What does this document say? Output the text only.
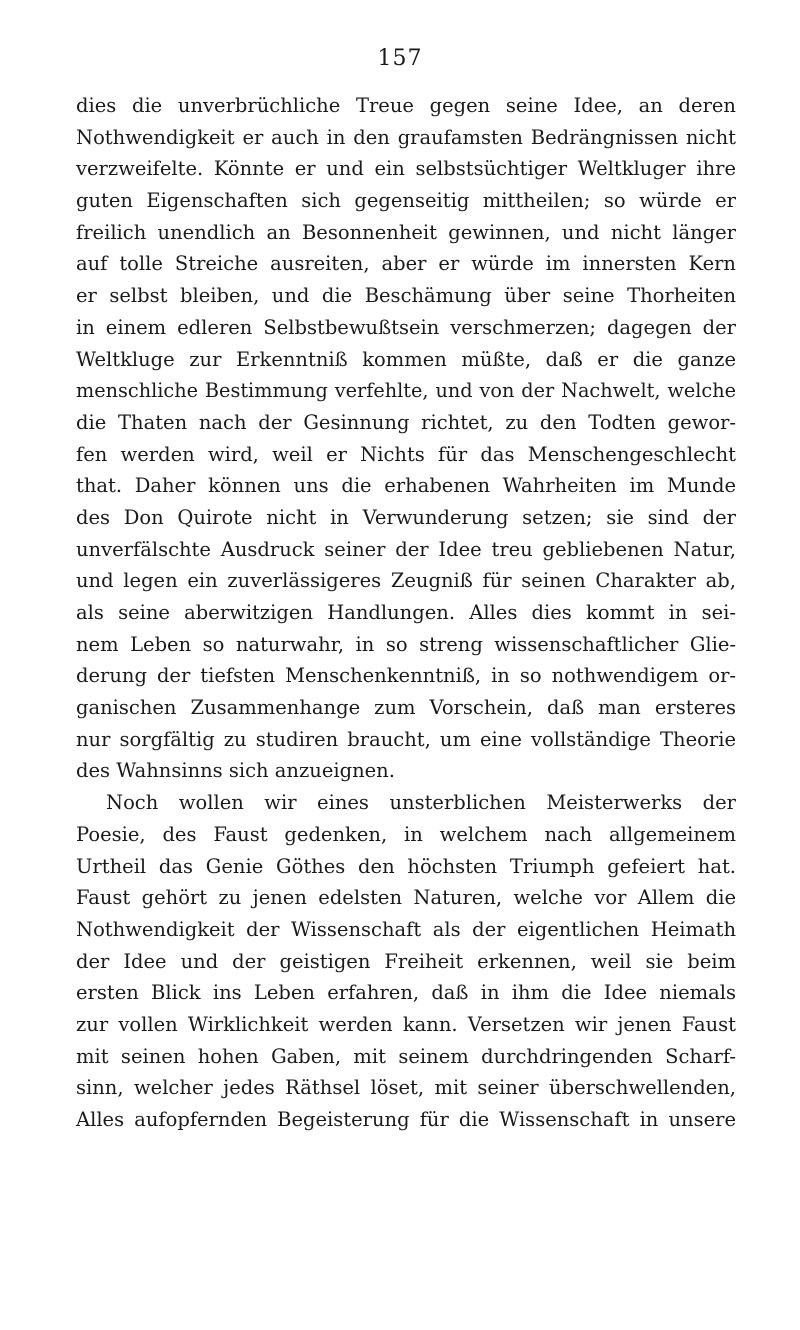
157
dies die unverbrüchliche Treue gegen seine Idee, an deren
Nothwendigkeit er auch in den graufamsten Bedrängnissen nicht
verzweifelte. Könnte er und ein selbstsüchtiger Weltkluger ihre
guten Eigenschaften sich gegenseitig mittheilen; so würde er
freilich unendlich an Besonnenheit gewinnen, und nicht länger
auf tolle Streiche ausreiten, aber er würde im innersten Kern
er selbst bleiben, und die Beschämung über seine Thorheiten
in einem edleren Selbstbewußtsein verschmerzen; dagegen der
Weltkluge zur Erkenntniß kommen müßte, daß er die ganze
menschliche Bestimmung verfehlte, und von der Nachwelt, welche
die Thaten nach der Gesinnung richtet, zu den Todten gewor-
fen werden wird, weil er Nichts für das Menschengeschlecht
that. Daher können uns die erhabenen Wahrheiten im Munde
des Don Quirote nicht in Verwunderung setzen; sie sind der
unverfälschte Ausdruck seiner der Idee treu gebliebenen Natur,
und legen ein zuverlässigeres Zeugniß für seinen Charakter ab,
als seine aberwitzigen Handlungen. Alles dies kommt in sei-
nem Leben so naturwahr, in so streng wissenschaftlicher Glie-
derung der tiefsten Menschenkenntniß, in so nothwendigem or-
ganischen Zusammenhange zum Vorschein, daß man ersteres
nur sorgfältig zu studiren braucht, um eine vollständige Theorie
des Wahnsinns sich anzueignen.
Noch wollen wir eines unsterblichen Meisterwerks der
Poesie, des Faust gedenken, in welchem nach allgemeinem
Urtheil das Genie Göthes den höchsten Triumph gefeiert hat.
Faust gehört zu jenen edelsten Naturen, welche vor Allem die
Nothwendigkeit der Wissenschaft als der eigentlichen Heimath
der Idee und der geistigen Freiheit erkennen, weil sie beim
ersten Blick ins Leben erfahren, daß in ihm die Idee niemals
zur vollen Wirklichkeit werden kann. Versetzen wir jenen Faust
mit seinen hohen Gaben, mit seinem durchdringenden Scharf-
sinn, welcher jedes Räthsel löset, mit seiner überschwellenden,
Alles aufopfernden Begeisterung für die Wissenschaft in unsere
